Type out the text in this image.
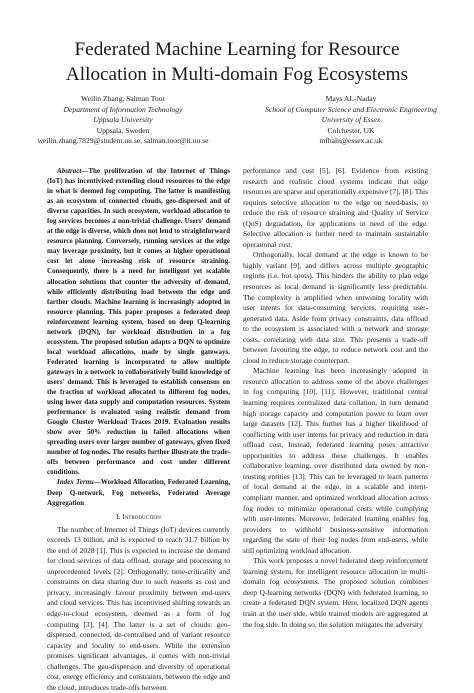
Federated Machine Learning for Resource
Allocation in Multi-domain Fog Ecosystems
Weilin Zhang, Salman Toor
Department of Information Technology
Uppsala University
Uppsala, Sweden
weilin.zhang.7829@student.uu.se, salman.toor@it.uu.se
Mays AL-Naday
School of Computer Science and Electronic Engineering
University of Essex
Colchester, UK
mfhaln@essex.ac.uk

Abstract—The proliferation of the Internet of Things (IoT) has incentivised extending cloud resources to the edge in what is deemed fog computing. The latter is manifesting as an ecosystem of connected clouds, geo-dispersed and of diverse capacities. In such ecosystem, workload allocation to fog services becomes a non-trivial challenge. Users' demand at the edge is diverse, which does not lend to straightforward resource planning. Conversely, running services at the edge may leverage proximity, but it comes at higher operational cost let alone increasing risk of resource straining. Consequently, there is a need for intelligent yet scalable allocation solutions that counter the adversity of demand, while efficiently distributing load between the edge and farther clouds. Machine learning is increasingly adopted in resource planning. This paper proposes a federated deep reinforcement learning system, based on deep Q-learning network (DQN), for workload distribution in a fog ecosystem. The proposed solution adapts a DQN to optimize local workload allocations, made by single gateways. Federated learning is incorporated to allow multiple gateways in a network to collaboratively build knowledge of users' demand. This is leveraged to establish consensus on the fraction of workload allocated to different fog nodes, using lower data supply and computation resources. System performance is evaluated using realistic demand from Google Cluster Workload Traces 2019. Evaluation results show over 50% reduction in failed allocations when spreading users over larger number of gateways, given fixed number of fog nodes. The results further illustrate the trade-offs between performance and cost under different conditions.

Index Terms—Workload Allocation, Federated Learning, Deep Q-network, Fog networks, Federated Average Aggregation

I. Introduction

The number of Internet of Things (IoT) devices currently exceeds 13 billion, and is expected to reach 31.7 billion by the end of 2028 [1]. This is expected to increase the demand for cloud services of data offload, storage and processing to unprecedented levels [2]. Orthogonally, time-criticality and constraints on data sharing due to such reasons as cost and privacy, increasingly favour proximity between end-users and cloud services. This has incentivised shifting towards an edge-to-cloud ecosystem, deemed as a form of fog computing [3], [4]. The latter is a set of clouds: geo-dispersed, connected, de-centralised and of variant resource capacity and locality to end-users. While the extension promises significant advantages, it comes with non-trivial challenges. The geo-dispersion and diversity of operational cost, energy efficiency and constraints, between the edge and the cloud, introduces trade-offs between

performance and cost [5], [6]. Evidence from existing research and realistic cloud systems indicate that edge resources are sparse and operationally expensive [7], [8]. This requires selective allocation to the edge on need-basis, to reduce the risk of resource straining and Quality of Service (QoS) degradation, for applications in need of the edge. Selective allocation is further need to maintain sustainable operational cost.

Orthogonally, local demand at the edge is known to be highly variant [9], and differs across multiple geographic regions (i.e. hot spots). This hinders the ability to plan edge resources as local demand is significantly less predictable. The complexity is amplified when entwining locality with user intents for data-consuming services, requiring user-generated data. Aside from privacy constraints, data offload to the ecosystem is associated with a network and storage costs, correlating with data size. This presents a trade-off between favouring the edge, to reduce network cost and the cloud to reduce storage counterpart.

Machine learning has been increasingly adopted in resource allocation to address some of the above challenges in fog computing [10], [11]. However, traditional central learning requires centralized data collation, in turn demand high storage capacity and computation power to learn over large datasets [12]. This further has a higher likelihood of conflicting with user intents for privacy and reduction in data offload cost. Instead, federated learning poses attractive opportunities to address these challenges. It enables collaborative learning, over distributed data owned by non-trusting entities [13]. This can be leveraged to learn patterns of local demand at the edge, in a scalable and intent-compliant manner, and optimized workload allocation across fog nodes to minimize operational costs while complying with user-intents. Moreover, federated learning enables fog providers to withhold business-sensitive information regarding the state of their fog nodes from end-users, while still optimizing workload allocation.

This work proposes a novel federated deep reinforcement learning system, for intelligent resource allocation in multi-domain fog ecosystems. The proposed solution combines deep Q-learning networks (DQN) with federated learning, to create a federated DQN system. Here, localized DQN agents train at the user side, while trained models are aggregated at the fog side. In doing so, the solution mitigates the adversity
